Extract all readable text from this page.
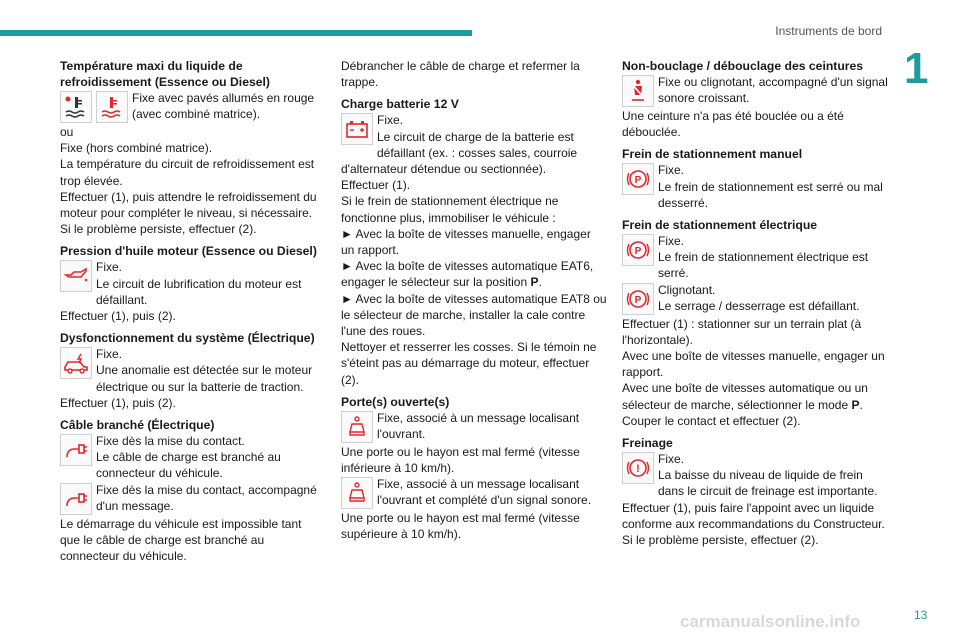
Instruments de bord
1
Température maxi du liquide de refroidissement (Essence ou Diesel)

Fixe avec pavés allumés en rouge (avec combiné matrice).

ou

Fixe (hors combiné matrice).

La température du circuit de refroidissement est trop élevée.

Effectuer (1), puis attendre le refroidissement du moteur pour compléter le niveau, si nécessaire.

Si le problème persiste, effectuer (2).

Pression d'huile moteur (Essence ou Diesel)

Fixe.

Le circuit de lubrification du moteur est défaillant.

Effectuer (1), puis (2).

Dysfonctionnement du système (Électrique)

Fixe.

Une anomalie est détectée sur le moteur électrique ou sur la batterie de traction.

Effectuer (1), puis (2).

Câble branché (Électrique)

Fixe dès la mise du contact.

Le câble de charge est branché au connecteur du véhicule.

Fixe dès la mise du contact, accompagné d'un message.

Le démarrage du véhicule est impossible tant que le câble de charge est branché au connecteur du véhicule.

Débrancher le câble de charge et refermer la trappe.

Charge batterie 12 V

Fixe.

Le circuit de charge de la batterie est défaillant (ex. : cosses sales, courroie d'alternateur détendue ou sectionnée).

Effectuer (1).

Si le frein de stationnement électrique ne fonctionne plus, immobiliser le véhicule :

► Avec la boîte de vitesses manuelle, engager un rapport.

► Avec la boîte de vitesses automatique EAT6, engager le sélecteur sur la position P.

► Avec la boîte de vitesses automatique EAT8 ou le sélecteur de marche, installer la cale contre l'une des roues.

Nettoyer et resserrer les cosses. Si le témoin ne s'éteint pas au démarrage du moteur, effectuer (2).

Porte(s) ouverte(s)

Fixe, associé à un message localisant l'ouvrant.

Une porte ou le hayon est mal fermé (vitesse inférieure à 10 km/h).

Fixe, associé à un message localisant l'ouvrant et complété d'un signal sonore.

Une porte ou le hayon est mal fermé (vitesse supérieure à 10 km/h).

Non-bouclage / débouclage des ceintures

Fixe ou clignotant, accompagné d'un signal sonore croissant.

Une ceinture n'a pas été bouclée ou a été débouclée.

Frein de stationnement manuel
P

Fixe.

Le frein de stationnement est serré ou mal desserré.

Frein de stationnement électrique
P

Fixe.

Le frein de stationnement électrique est serré.

P

Clignotant.

Le serrage / desserrage est défaillant.

Effectuer (1) : stationner sur un terrain plat (à l'horizontale).

Avec une boîte de vitesses manuelle, engager un rapport.

Avec une boîte de vitesses automatique ou un sélecteur de marche, sélectionner le mode P.

Couper le contact et effectuer (2).

Freinage
!

Fixe.

La baisse du niveau de liquide de frein dans le circuit de freinage est importante.

Effectuer (1), puis faire l'appoint avec un liquide conforme aux recommandations du Constructeur. Si le problème persiste, effectuer (2).

carmanualsonline.info	13
